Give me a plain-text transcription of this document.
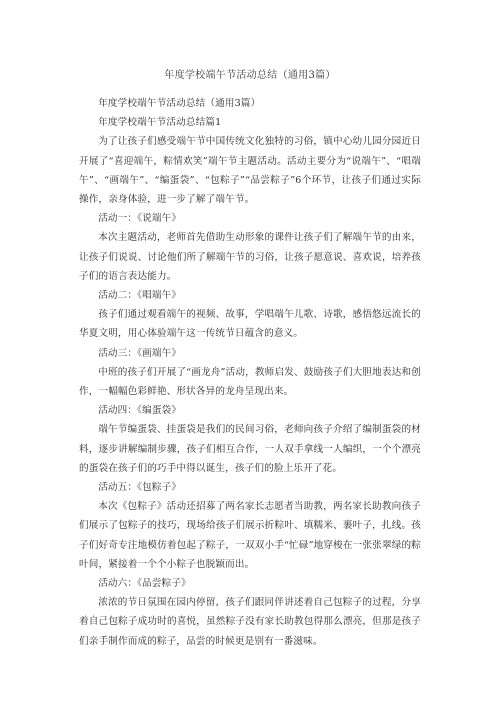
年度学校端午节活动总结（通用3篇）

年度学校端午节活动总结（通用3篇）

年度学校端午节活动总结篇1

为了让孩子们感受端午节中国传统文化独特的习俗，镇中心幼儿园分园近日开展了“喜迎端午，粽情欢笑”端午节主题活动。活动主要分为“说端午”、“唱端午”、“画端午”、“编蛋袋”、“包粽子”“品尝粽子”6个环节，让孩子们通过实际操作，亲身体验，进一步了解了端午节。

活动一：《说端午》

本次主题活动，老师首先借助生动形象的课件让孩子们了解端午节的由来，让孩子们说说、讨论他们所了解端午节的习俗，让孩子愿意说、喜欢说，培养孩子们的语言表达能力。

活动二：《唱端午》

孩子们通过观看端午的视频、故事，学唱端午儿歌、诗歌，感悟悠远流长的华夏文明，用心体验端午这一传统节日蕴含的意义。

活动三：《画端午》

中班的孩子们开展了“画龙舟”活动，教师启发、鼓励孩子们大胆地表达和创作，一幅幅色彩鲜艳、形状各异的龙舟呈现出来。

活动四：《编蛋袋》

端午节编蛋袋、挂蛋袋是我们的民间习俗，老师向孩子介绍了编制蛋袋的材料，逐步讲解编制步骤，孩子们相互合作，一人双手拿线一人编织，一个个漂亮的蛋袋在孩子们的巧手中得以诞生，孩子们的脸上乐开了花。

活动五：《包粽子》

本次《包粽子》活动还招募了两名家长志愿者当助教，两名家长助教向孩子们展示了包粽子的技巧，现场给孩子们展示折粽叶、填糯米、裹叶子，扎线。孩子们好奇专注地模仿着包起了粽子，一双双小手“忙碌”地穿梭在一张张翠绿的粽叶间，紧接着一个个小粽子也脱颖而出。

活动六：《品尝粽子》

浓浓的节日氛围在园内停留，孩子们跟同伴讲述着自己包粽子的过程，分享着自己包粽子成功时的喜悦，虽然粽子没有家长助教包得那么漂亮，但那是孩子们亲手制作而成的粽子，品尝的时候更是别有一番滋味。
